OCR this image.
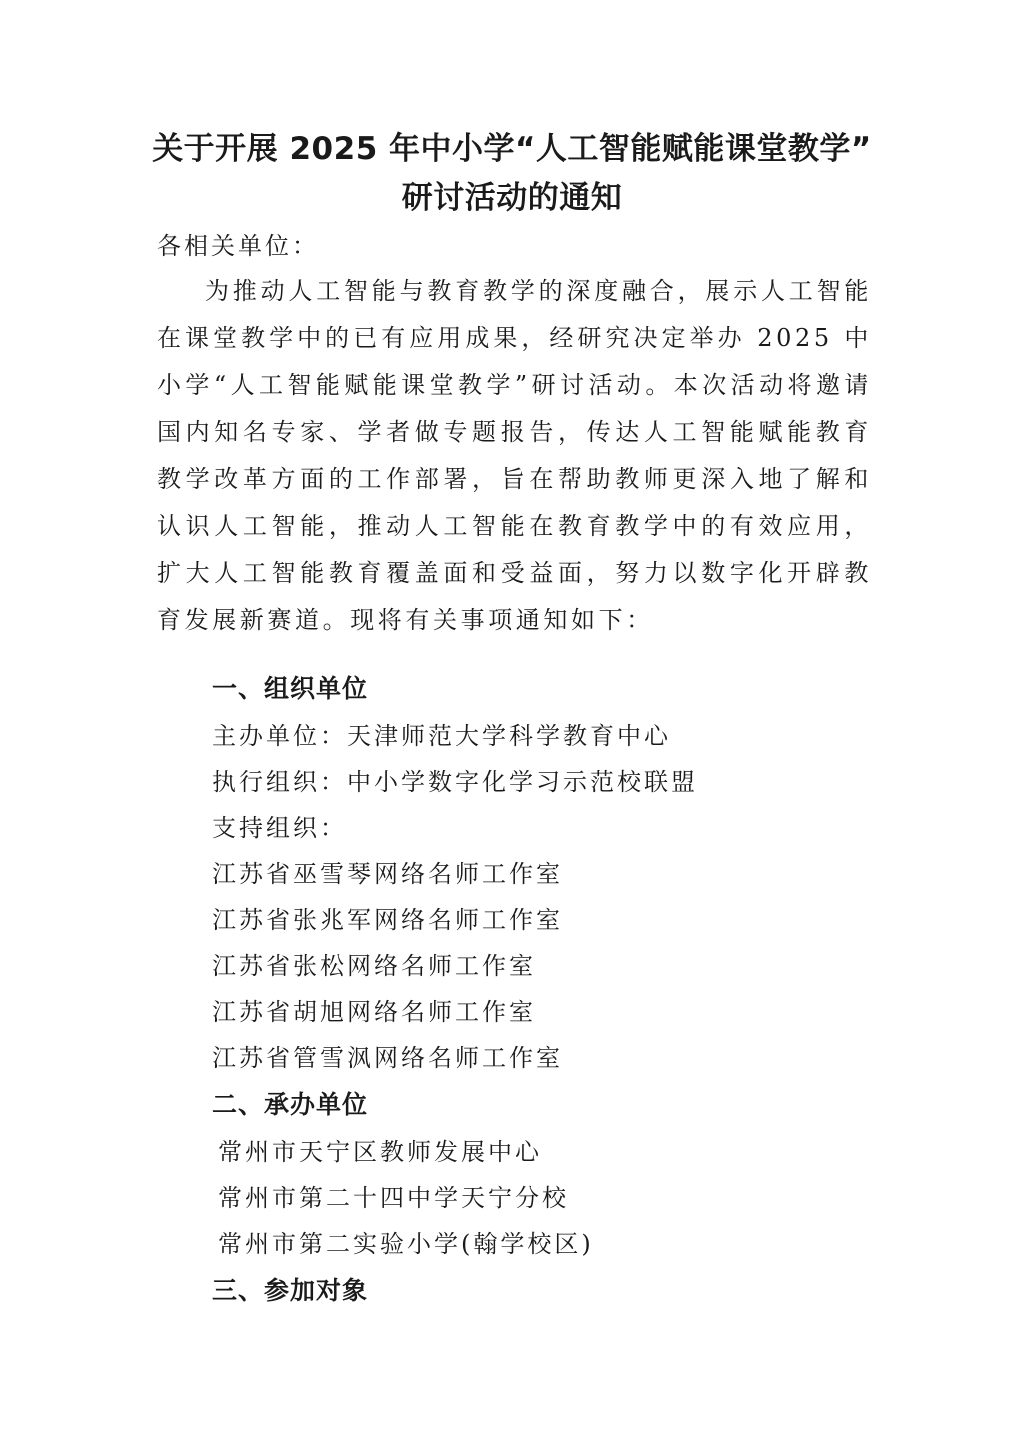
关于开展 2025 年中小学“人工智能赋能课堂教学”
研讨活动的通知

各相关单位：

为推动人工智能与教育教学的深度融合，展示人工智能在课堂教学中的已有应用成果，经研究决定举办 2025 中小学“人工智能赋能课堂教学”研讨活动。本次活动将邀请国内知名专家、学者做专题报告，传达人工智能赋能教育教学改革方面的工作部署，旨在帮助教师更深入地了解和认识人工智能，推动人工智能在教育教学中的有效应用，扩大人工智能教育覆盖面和受益面，努力以数字化开辟教育发展新赛道。现将有关事项通知如下：

一、组织单位

主办单位：天津师范大学科学教育中心

执行组织：中小学数字化学习示范校联盟

支持组织：

江苏省巫雪琴网络名师工作室

江苏省张兆军网络名师工作室

江苏省张松网络名师工作室

江苏省胡旭网络名师工作室

江苏省管雪沨网络名师工作室

二、承办单位

常州市天宁区教师发展中心

常州市第二十四中学天宁分校

常州市第二实验小学(翰学校区)

三、参加对象
